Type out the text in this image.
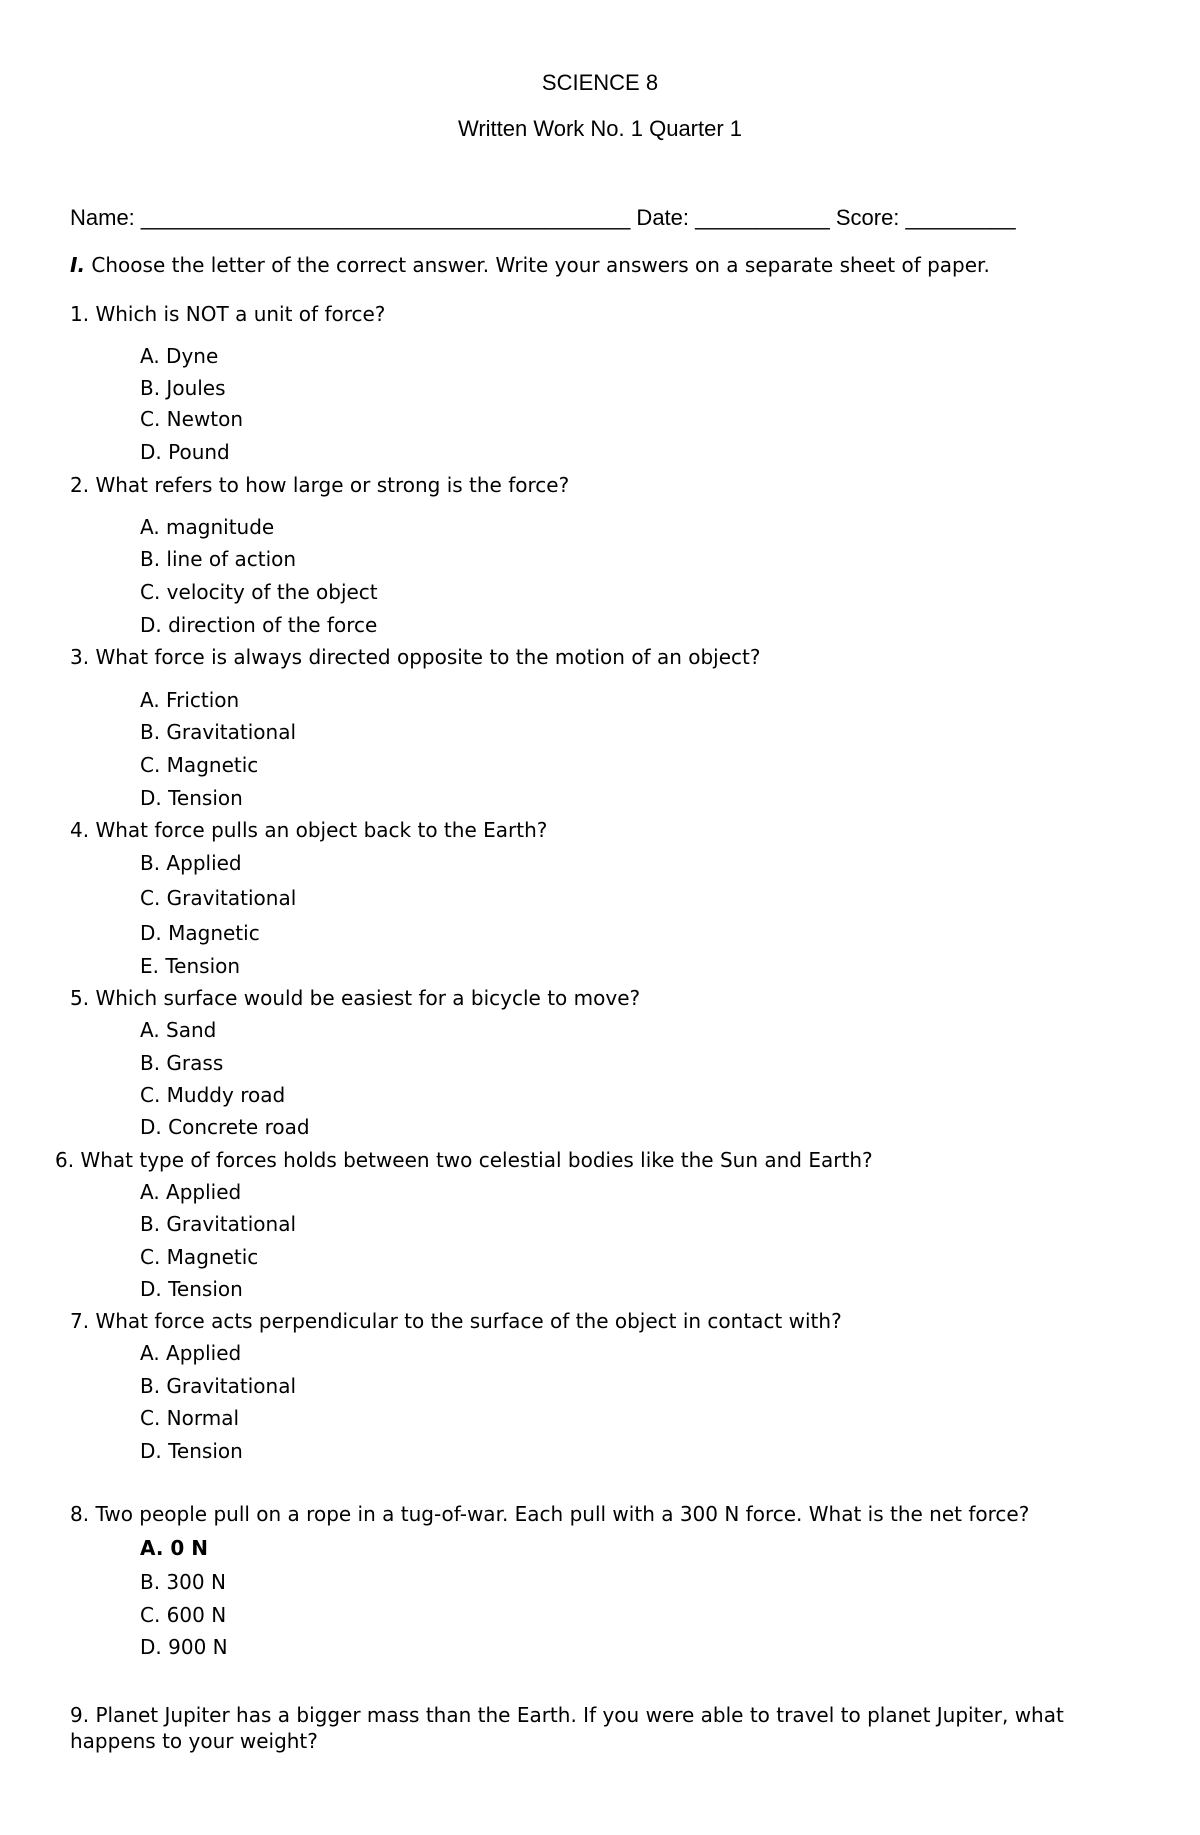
SCIENCE 8
Written Work No. 1 Quarter 1
Name: ________________________________________ Date: ___________ Score: _________
I. Choose the letter of the correct answer. Write your answers on a separate sheet of paper.
1. Which is NOT a unit of force?
A. Dyne
B. Joules
C. Newton
D. Pound
2. What refers to how large or strong is the force?
A. magnitude
B. line of action
C. velocity of the object
D. direction of the force
3. What force is always directed opposite to the motion of an object?
A. Friction
B. Gravitational
C. Magnetic
D. Tension
4. What force pulls an object back to the Earth?
B. Applied
C. Gravitational
D. Magnetic
E. Tension
5. Which surface would be easiest for a bicycle to move?
A. Sand
B. Grass
C. Muddy road
D. Concrete road
6. What type of forces holds between two celestial bodies like the Sun and Earth?
A. Applied
B. Gravitational
C. Magnetic
D. Tension
7. What force acts perpendicular to the surface of the object in contact with?
A. Applied
B. Gravitational
C. Normal
D. Tension
8. Two people pull on a rope in a tug-of-war. Each pull with a 300 N force. What is the net force?
A. 0 N
B. 300 N
C. 600 N
D. 900 N
9. Planet Jupiter has a bigger mass than the Earth. If you were able to travel to planet Jupiter, what happens to your weight?
